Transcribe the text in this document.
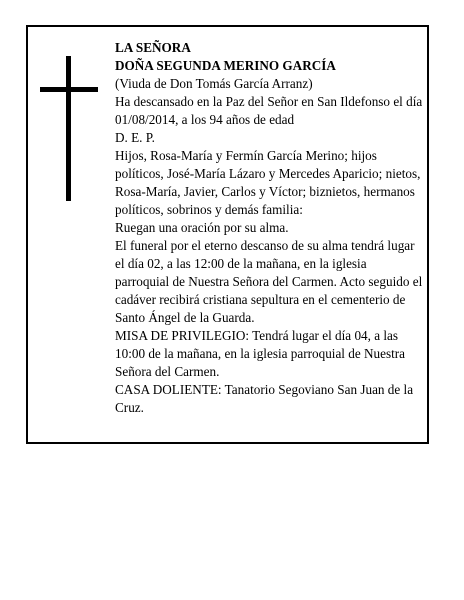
LA SEÑORA

DOÑA SEGUNDA MERINO GARCÍA

(Viuda de Don Tomás García Arranz)

Ha descansado en la Paz del Señor en San Ildefonso el día 01/08/2014, a los 94 años de edad

D. E. P.

Hijos, Rosa-María y Fermín García Merino; hijos políticos, José-María Lázaro y Mercedes Aparicio; nietos, Rosa-María, Javier, Carlos y Víctor; biznietos, hermanos políticos, sobrinos y demás familia:

Ruegan una oración por su alma.

El funeral por el eterno descanso de su alma tendrá lugar el día 02, a las 12:00 de la mañana, en la iglesia parroquial de Nuestra Señora del Carmen. Acto seguido el cadáver recibirá cristiana sepultura en el cementerio de Santo Ángel de la Guarda.

MISA DE PRIVILEGIO: Tendrá lugar el día 04, a las 10:00 de la mañana, en la iglesia parroquial de Nuestra Señora del Carmen.

CASA DOLIENTE: Tanatorio Segoviano San Juan de la Cruz.
